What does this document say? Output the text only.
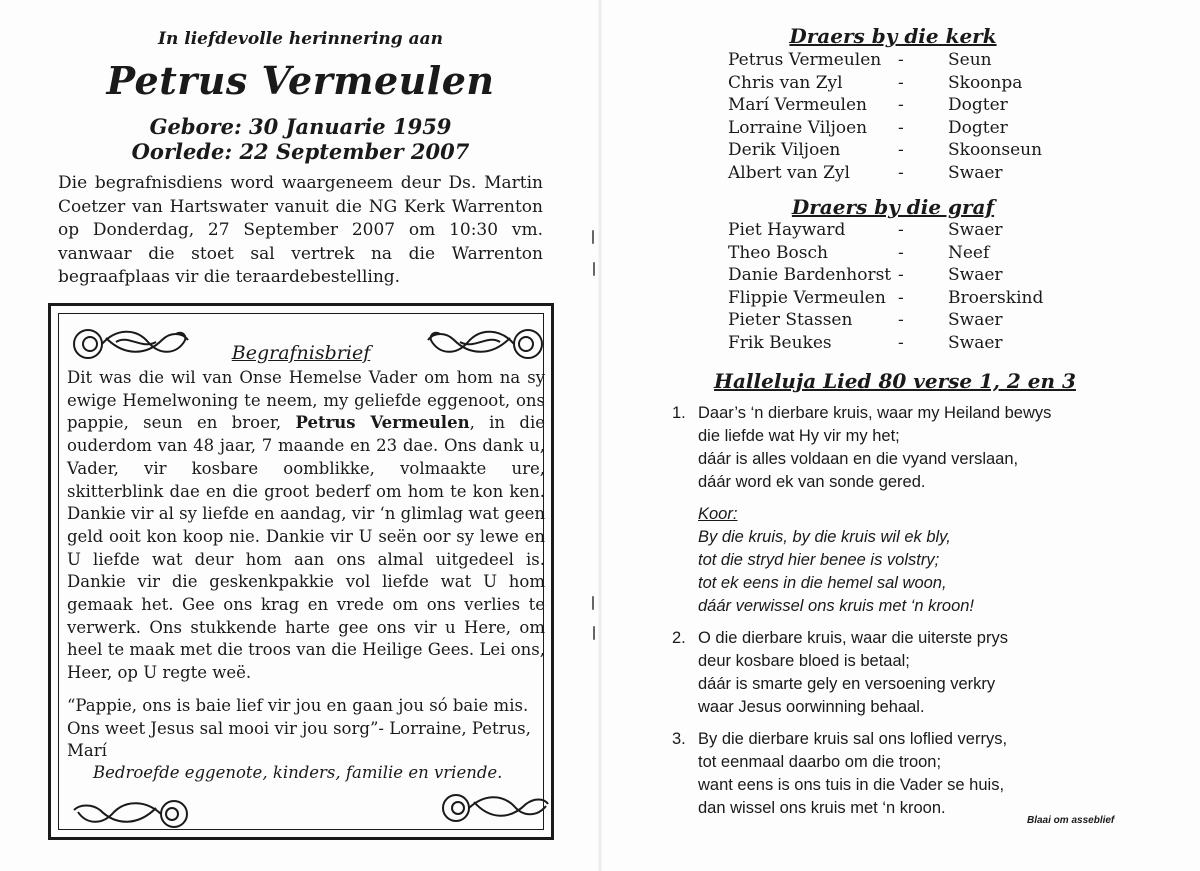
In liefdevolle herinnering aan
Petrus Vermeulen
Gebore: 30 Januarie 1959
Oorlede: 22 September 2007
Die begrafnisdiens word waargeneem deur Ds. Martin Coetzer van Hartswater vanuit die NG Kerk Warrenton op Donderdag, 27 September 2007 om 10:30 vm. vanwaar die stoet sal vertrek na die Warrenton begraafplaas vir die teraardebestelling.
Begrafnisbrief
Dit was die wil van Onse Hemelse Vader om hom na sy ewige Hemelwoning te neem, my geliefde eggenoot, ons pappie, seun en broer, Petrus Vermeulen, in die ouderdom van 48 jaar, 7 maande en 23 dae. Ons dank u, Vader, vir kosbare oomblikke, volmaakte ure, skitterblink dae en die groot bederf om hom te kon ken. Dankie vir al sy liefde en aandag, vir ‘n glimlag wat geen geld ooit kon koop nie. Dankie vir U seën oor sy lewe en U liefde wat deur hom aan ons almal uitgedeel is. Dankie vir die geskenkpakkie vol liefde wat U hom gemaak het. Gee ons krag en vrede om ons verlies te verwerk. Ons stukkende harte gee ons vir u Here, om heel te maak met die troos van die Heilige Gees. Lei ons, Heer, op U regte weë.
“Pappie, ons is baie lief vir jou en gaan jou só baie mis. Ons weet Jesus sal mooi vir jou sorg”- Lorraine, Petrus, Marí
Bedroefde eggenote, kinders, familie en vriende.
Draers by die kerk
Petrus Vermeulen -	Seun
Chris van Zyl	-	Skoonpa
Marí Vermeulen -	Dogter
Lorraine Viljoen -	Dogter
Derik Viljoen	-	Skoonseun
Albert van Zyl	-	Swaer
Draers by die graf
Piet Hayward	-	Swaer
Theo Bosch	-	Neef
Danie Bardenhorst -	Swaer
Flippie Vermeulen -	Broerskind
Pieter Stassen	-	Swaer
Frik Beukes	-	Swaer
Halleluja Lied 80 verse 1, 2 en 3
1. Daar’s ‘n dierbare kruis, waar my Heiland bewys
die liefde wat Hy vir my het;
dáár is alles voldaan en die vyand verslaan,
dáár word ek van sonde gered.
Koor:
By die kruis, by die kruis wil ek bly,
tot die stryd hier benee is volstry;
tot ek eens in die hemel sal woon,
dáár verwissel ons kruis met ‘n kroon!
2. O die dierbare kruis, waar die uiterste prys
deur kosbare bloed is betaal;
dáár is smarte gely en versoening verkry
waar Jesus oorwinning behaal.
3. By die dierbare kruis sal ons loflied verrys,
tot eenmaal daarbo om die troon;
want eens is ons tuis in die Vader se huis,
dan wissel ons kruis met ‘n kroon.
Blaai om asseblief
